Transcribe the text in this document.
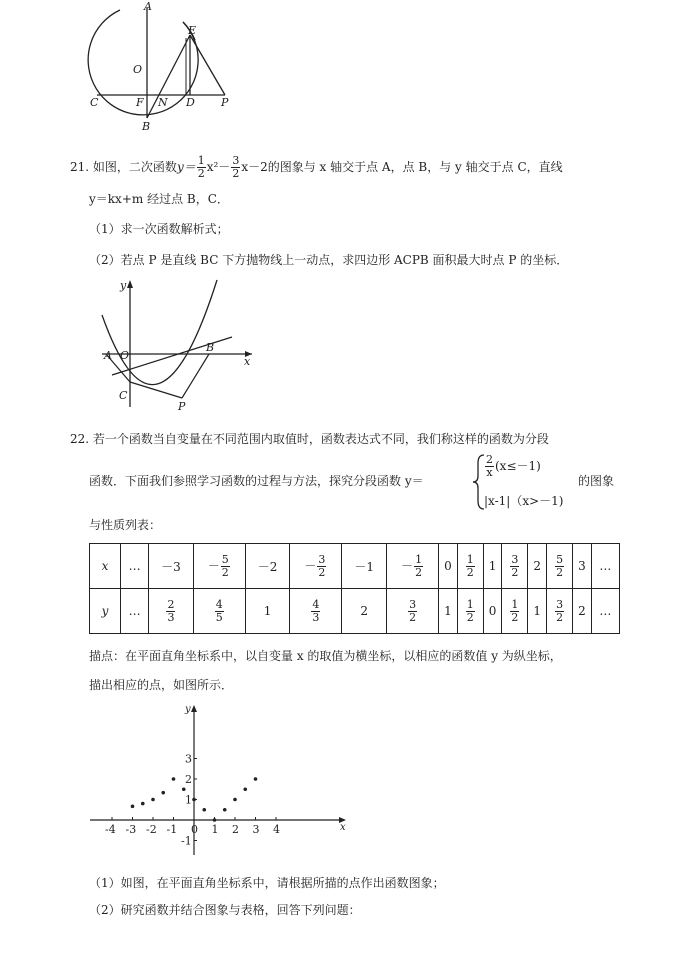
A
E
O
C	F N D P
B
21. 如图，二次函数$y= \frac{1}{2} x^2- \frac{3}{2} x-2$的图象与 x 轴交于点 A，点 B，与 y 轴交于点 C，直线
y＝kx+m 经过点 B，C．
（1）求一次函数解析式；
（2）若点 P 是直线 BC 下方抛物线上一动点，求四边形 ACPB 面积最大时点 P 的坐标．
y
x
A O
B
C
P
22. 若一个函数当自变量在不同范围内取值时，函数表达式不同，我们称这样的函数为分段
函数．下面我们参照学习函数的过程与方法，探究分段函数 y＝
$\frac{2}{x} (x\le-1)$
|x-1|（x>－1)
的图象
与性质列表：
x	…	－3	－ $\frac{5}{2}$	－2	－ $\frac{3}{2}$	－1	－ $\frac{1}{2}$	0	$\frac{1}{2}$	1	$\frac{3}{2}$	2	$\frac{5}{2}$	3	…
y	…	$\frac{2}{3}$	$\frac{4}{5}$	1	$\frac{4}{3}$	2	$\frac{3}{2}$	1	$\frac{1}{2}$	0	$\frac{1}{2}$	1	$\frac{3}{2}$	2	…
描点：在平面直角坐标系中，以自变量 x 的取值为横坐标，以相应的函数值 y 为纵坐标，
描出相应的点，如图所示．
x
y
-4 -3 -2 -1 0 1 2 3 4
3
2
1
-1
（1）如图，在平面直角坐标系中，请根据所描的点作出函数图象；
（2）研究函数并结合图象与表格，回答下列问题：
